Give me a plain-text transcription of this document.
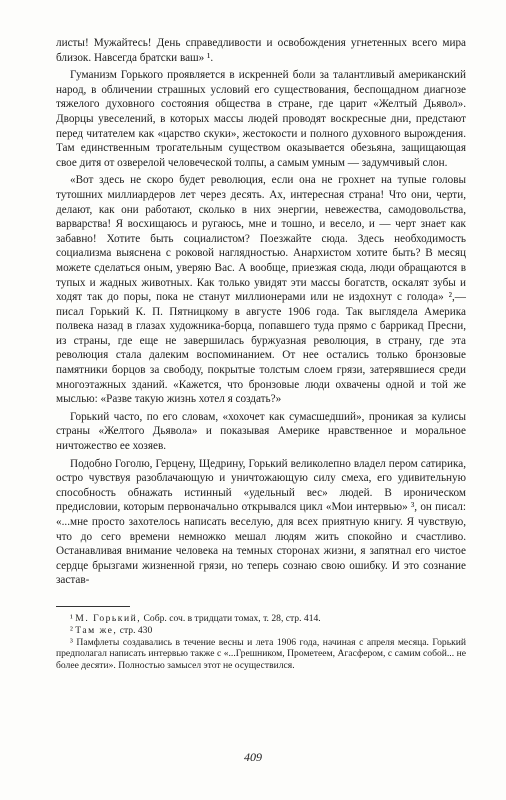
листы! Мужайтесь! День справедливости и освобождения угнетенных всего мира близок. Навсегда братски ваш» ¹.

Гуманизм Горького проявляется в искренней боли за талантливый американский народ, в обличении страшных условий его существования, беспощадном диагнозе тяжелого духовного состояния общества в стране, где царит «Желтый Дьявол». Дворцы увеселений, в которых массы людей проводят воскресные дни, предстают перед читателем как «царство скуки», жестокости и полного духовного вырождения. Там единственным трогательным существом оказывается обезьяна, защищающая свое дитя от озверелой человеческой толпы, а самым умным — задумчивый слон.

«Вот здесь не скоро будет революция, если она не грохнет на тупые головы тутошних миллиардеров лет через десять. Ах, интересная страна! Что они, черти, делают, как они работают, сколько в них энергии, невежества, самодовольства, варварства! Я восхищаюсь и ругаюсь, мне и тошно, и весело, и — черт знает как забавно! Хотите быть социалистом? Поезжайте сюда. Здесь необходимость социализма выяснена с роковой наглядностью. Анархистом хотите быть? В месяц можете сделаться оным, уверяю Вас. А вообще, приезжая сюда, люди обращаются в тупых и жадных животных. Как только увидят эти массы богатств, оскалят зубы и ходят так до поры, пока не станут миллионерами или не издохнут с голода» ²,— писал Горький К. П. Пятницкому в августе 1906 года. Так выглядела Америка полвека назад в глазах художника-борца, попавшего туда прямо с баррикад Пресни, из страны, где еще не завершилась буржуазная революция, в страну, где эта революция стала далеким воспоминанием. От нее остались только бронзовые памятники борцов за свободу, покрытые толстым слоем грязи, затерявшиеся среди многоэтажных зданий. «Кажется, что бронзовые люди охвачены одной и той же мыслью: «Разве такую жизнь хотел я создать?»

Горький часто, по его словам, «хохочет как сумасшедший», проникая за кулисы страны «Желтого Дьявола» и показывая Америке нравственное и моральное ничтожество ее хозяев.

Подобно Гоголю, Герцену, Щедрину, Горький великолепно владел пером сатирика, остро чувствуя разоблачающую и уничтожающую силу смеха, его удивительную способность обнажать истинный «удельный вес» людей. В ироническом предисловии, которым первоначально открывался цикл «Мои интервью» ³, он писал: «...мне просто захотелось написать веселую, для всех приятную книгу. Я чувствую, что до сего времени немножко мешал людям жить спокойно и счастливо. Останавливая внимание человека на темных сторонах жизни, я запятнал его чистое сердце брызгами жизненной грязи, но теперь сознаю свою ошибку. И это сознание застав-

¹ М. Горький, Собр. соч. в тридцати томах, т. 28, стр. 414.

² Там же, стр. 430

³ Памфлеты создавались в течение весны и лета 1906 года, начиная с апреля месяца. Горький предполагал написать интервью также с «...Грешником, Прометеем, Агасфером, с самим собой... не более десяти». Полностью замысел этот не осуществился.

409
